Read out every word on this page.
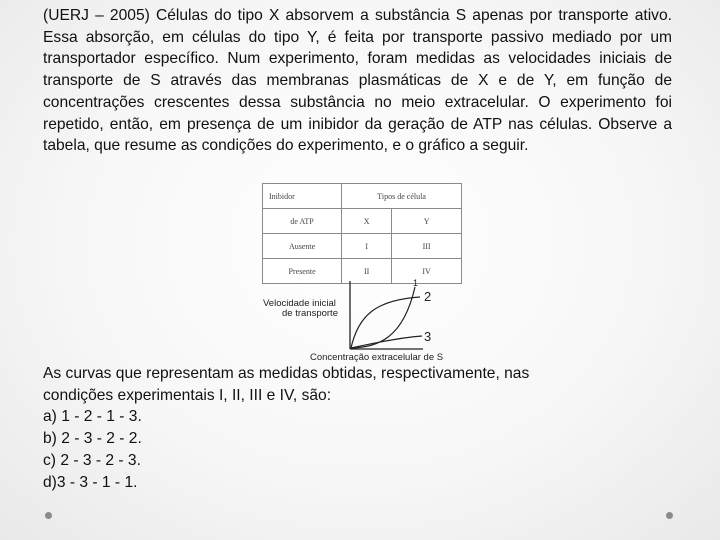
(UERJ – 2005) Células do tipo X absorvem a substância S apenas por transporte ativo. Essa absorção, em células do tipo Y, é feita por transporte passivo mediado por um transportador específico. Num experimento, foram medidas as velocidades iniciais de transporte de S através das membranas plasmáticas de X e de Y, em função de concentrações crescentes dessa substância no meio extracelular. O experimento foi repetido, então, em presença de um inibidor da geração de ATP nas células. Observe a tabela, que resume as condições do experimento, e o gráfico a seguir.

Inibidor	Tipos de célula	
de ATP	X	Y
Ausente	I	III
Presente	II	IV
1
2
3
Velocidade inicial
de transporte
Concentração extracelular de S
As curvas que representam as medidas obtidas, respectivamente, nas
condições experimentais I, II, III e IV, são:
a) 1 - 2 - 1 - 3.
b) 2 - 3 - 2 - 2.
c) 2 - 3 - 2 - 3.
d)3 - 3 - 1 - 1.
